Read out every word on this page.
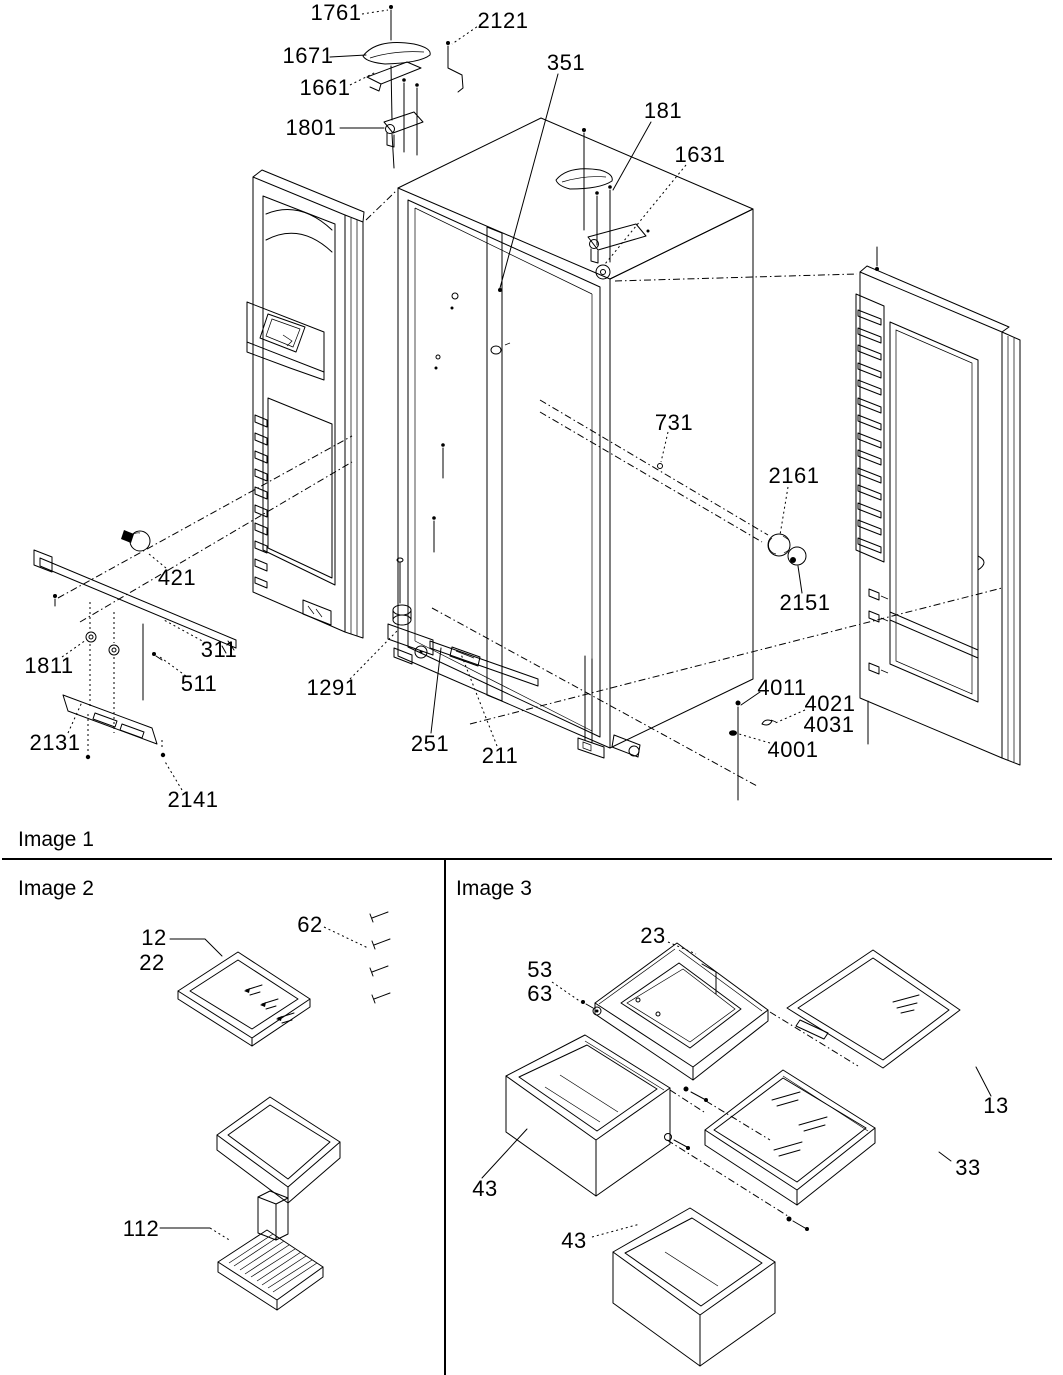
Image 1
Image 2	Image 3
1761	2121
1671
1661
1801
351
181
1631
731
2161
2151
421
311
1811
511
2131
2141
1291
251 211
4011
4021
4031
4001
12
22
62
112
23
53
63
13
33
43
43
